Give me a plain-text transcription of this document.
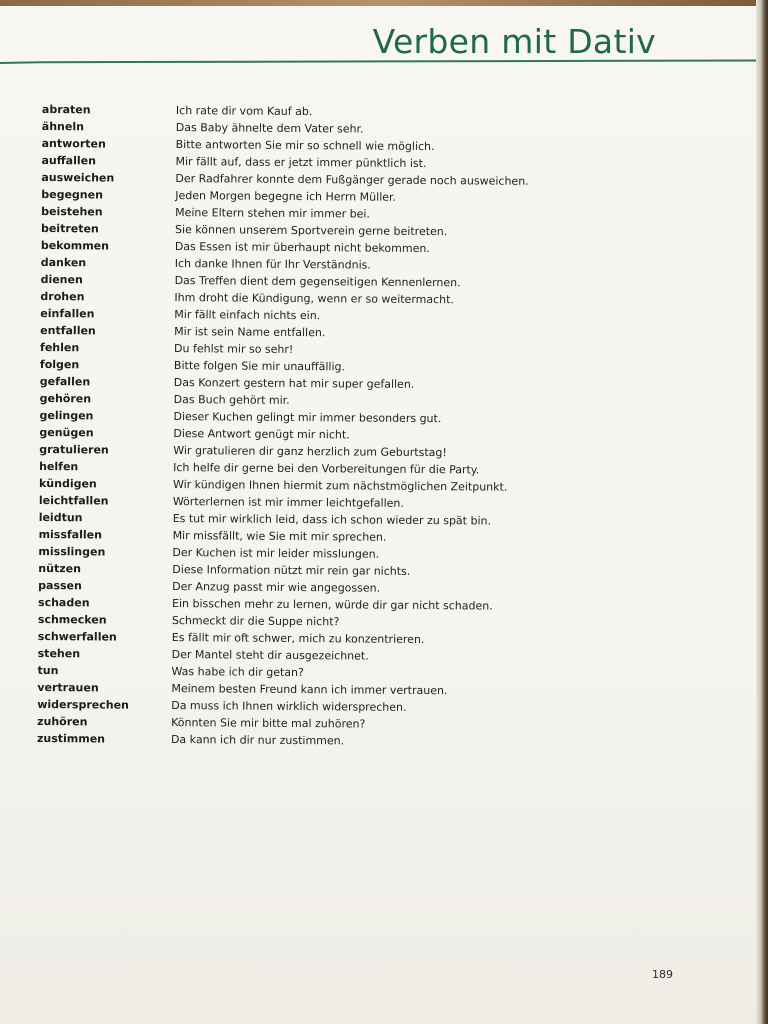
Verben mit Dativ
abraten	Ich rate dir vom Kauf ab.
ähneln	Das Baby ähnelte dem Vater sehr.
antworten	Bitte antworten Sie mir so schnell wie möglich.
auffallen	Mir fällt auf, dass er jetzt immer pünktlich ist.
ausweichen	Der Radfahrer konnte dem Fußgänger gerade noch ausweichen.
begegnen	Jeden Morgen begegne ich Herrn Müller.
beistehen	Meine Eltern stehen mir immer bei.
beitreten	Sie können unserem Sportverein gerne beitreten.
bekommen	Das Essen ist mir überhaupt nicht bekommen.
danken	Ich danke Ihnen für Ihr Verständnis.
dienen	Das Treffen dient dem gegenseitigen Kennenlernen.
drohen	Ihm droht die Kündigung, wenn er so weitermacht.
einfallen	Mir fällt einfach nichts ein.
entfallen	Mir ist sein Name entfallen.
fehlen	Du fehlst mir so sehr!
folgen	Bitte folgen Sie mir unauffällig.
gefallen	Das Konzert gestern hat mir super gefallen.
gehören	Das Buch gehört mir.
gelingen	Dieser Kuchen gelingt mir immer besonders gut.
genügen	Diese Antwort genügt mir nicht.
gratulieren	Wir gratulieren dir ganz herzlich zum Geburtstag!
helfen	Ich helfe dir gerne bei den Vorbereitungen für die Party.
kündigen	Wir kündigen Ihnen hiermit zum nächstmöglichen Zeitpunkt.
leichtfallen	Wörterlernen ist mir immer leichtgefallen.
leidtun	Es tut mir wirklich leid, dass ich schon wieder zu spät bin.
missfallen	Mir missfällt, wie Sie mit mir sprechen.
misslingen	Der Kuchen ist mir leider misslungen.
nützen	Diese Information nützt mir rein gar nichts.
passen	Der Anzug passt mir wie angegossen.
schaden	Ein bisschen mehr zu lernen, würde dir gar nicht schaden.
schmecken	Schmeckt dir die Suppe nicht?
schwerfallen	Es fällt mir oft schwer, mich zu konzentrieren.
stehen	Der Mantel steht dir ausgezeichnet.
tun	Was habe ich dir getan?
vertrauen	Meinem besten Freund kann ich immer vertrauen.
widersprechen	Da muss ich Ihnen wirklich widersprechen.
zuhören	Könnten Sie mir bitte mal zuhören?
zustimmen	Da kann ich dir nur zustimmen.
189
